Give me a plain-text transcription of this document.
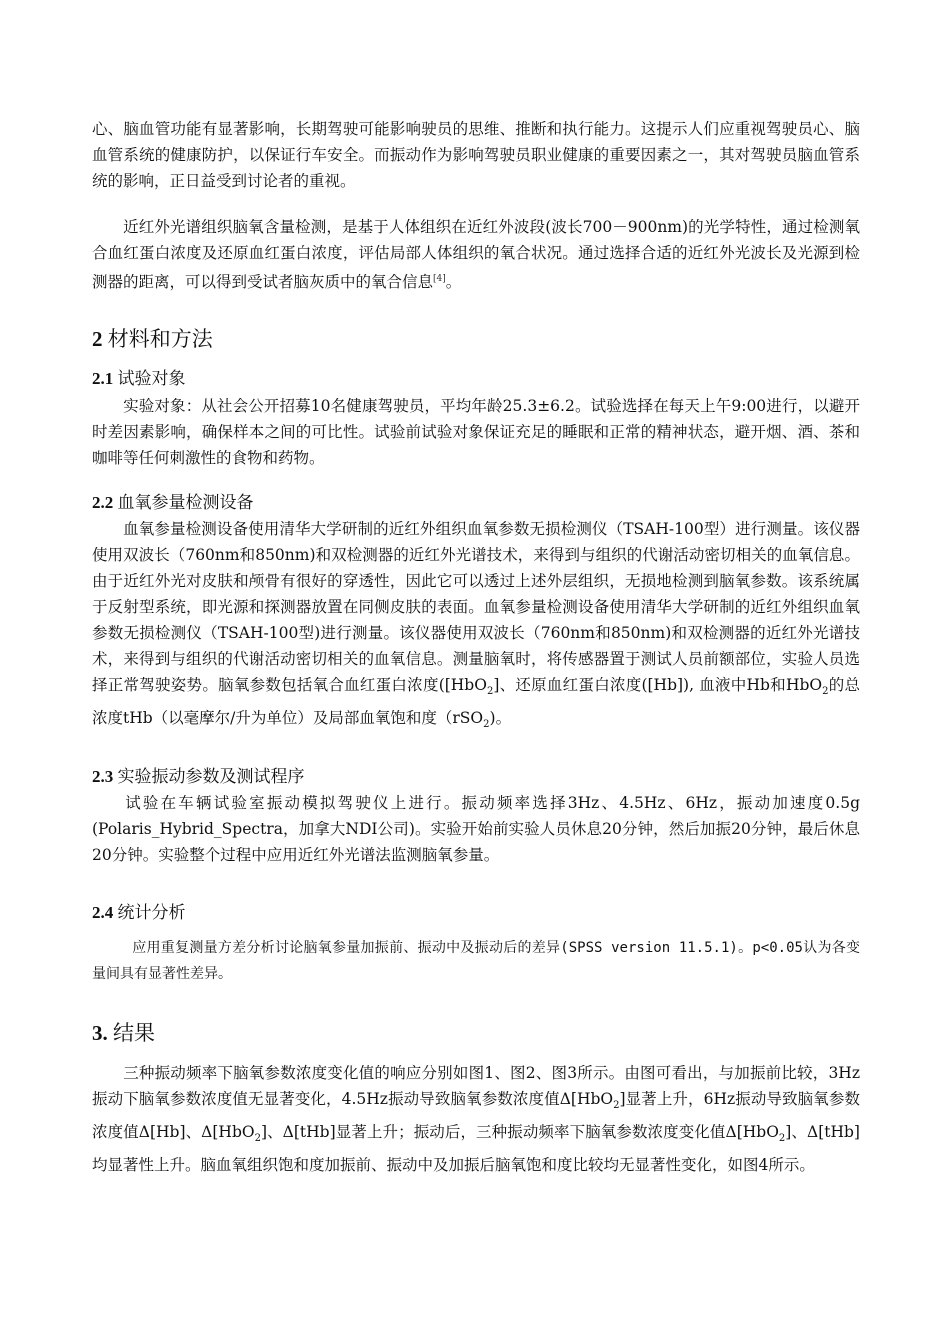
心、脑血管功能有显著影响，长期驾驶可能影响驶员的思维、推断和执行能力。这提示人们应重视驾驶员心、脑血管系统的健康防护，以保证行车安全。而振动作为影响驾驶员职业健康的重要因素之一，其对驾驶员脑血管系统的影响，正日益受到讨论者的重视。
近红外光谱组织脑氧含量检测，是基于人体组织在近红外波段(波长700－900nm)的光学特性，通过检测氧合血红蛋白浓度及还原血红蛋白浓度，评估局部人体组织的氧合状况。通过选择合适的近红外光波长及光源到检测器的距离，可以得到受试者脑灰质中的氧合信息[4]。
2 材料和方法
2.1 试验对象
实验对象：从社会公开招募10名健康驾驶员，平均年龄25.3±6.2。试验选择在每天上午9:00进行，以避开时差因素影响，确保样本之间的可比性。试验前试验对象保证充足的睡眠和正常的精神状态，避开烟、酒、茶和咖啡等任何刺激性的食物和药物。
2.2 血氧参量检测设备
血氧参量检测设备使用清华大学研制的近红外组织血氧参数无损检测仪（TSAH-100型）进行测量。该仪器使用双波长（760nm和850nm)和双检测器的近红外光谱技术，来得到与组织的代谢活动密切相关的血氧信息。由于近红外光对皮肤和颅骨有很好的穿透性，因此它可以透过上述外层组织，无损地检测到脑氧参数。该系统属于反射型系统，即光源和探测器放置在同侧皮肤的表面。血氧参量检测设备使用清华大学研制的近红外组织血氧参数无损检测仪（TSAH-100型)进行测量。该仪器使用双波长（760nm和850nm)和双检测器的近红外光谱技术，来得到与组织的代谢活动密切相关的血氧信息。测量脑氧时，将传感器置于测试人员前额部位，实验人员选择正常驾驶姿势。脑氧参数包括氧合血红蛋白浓度([HbO$_2$]、还原血红蛋白浓度([Hb]), 血液中Hb和HbO$_2$的总浓度tHb（以毫摩尔/升为单位）及局部血氧饱和度（rSO$_2$)。
2.3 实验振动参数及测试程序
试验在车辆试验室振动模拟驾驶仪上进行。振动频率选择3Hz、4.5Hz、6Hz，振动加速度0.5g (Polaris_Hybrid_Spectra，加拿大NDI公司)。实验开始前实验人员休息20分钟，然后加振20分钟，最后休息20分钟。实验整个过程中应用近红外光谱法监测脑氧参量。
2.4 统计分析
应用重复测量方差分析讨论脑氧参量加振前、振动中及振动后的差异(SPSS version 11.5.1)。p<0.05认为各变量间具有显著性差异。
3. 结果
三种振动频率下脑氧参数浓度变化值的响应分别如图1、图2、图3所示。由图可看出，与加振前比较，3Hz振动下脑氧参数浓度值无显著变化，4.5Hz振动导致脑氧参数浓度值Δ[HbO$_2$]显著上升，6Hz振动导致脑氧参数浓度值Δ[Hb]、Δ[HbO$_2$]、Δ[tHb]显著上升；振动后，三种振动频率下脑氧参数浓度变化值Δ[HbO$_2$]、Δ[tHb]均显著性上升。脑血氧组织饱和度加振前、振动中及加振后脑氧饱和度比较均无显著性变化，如图4所示。
